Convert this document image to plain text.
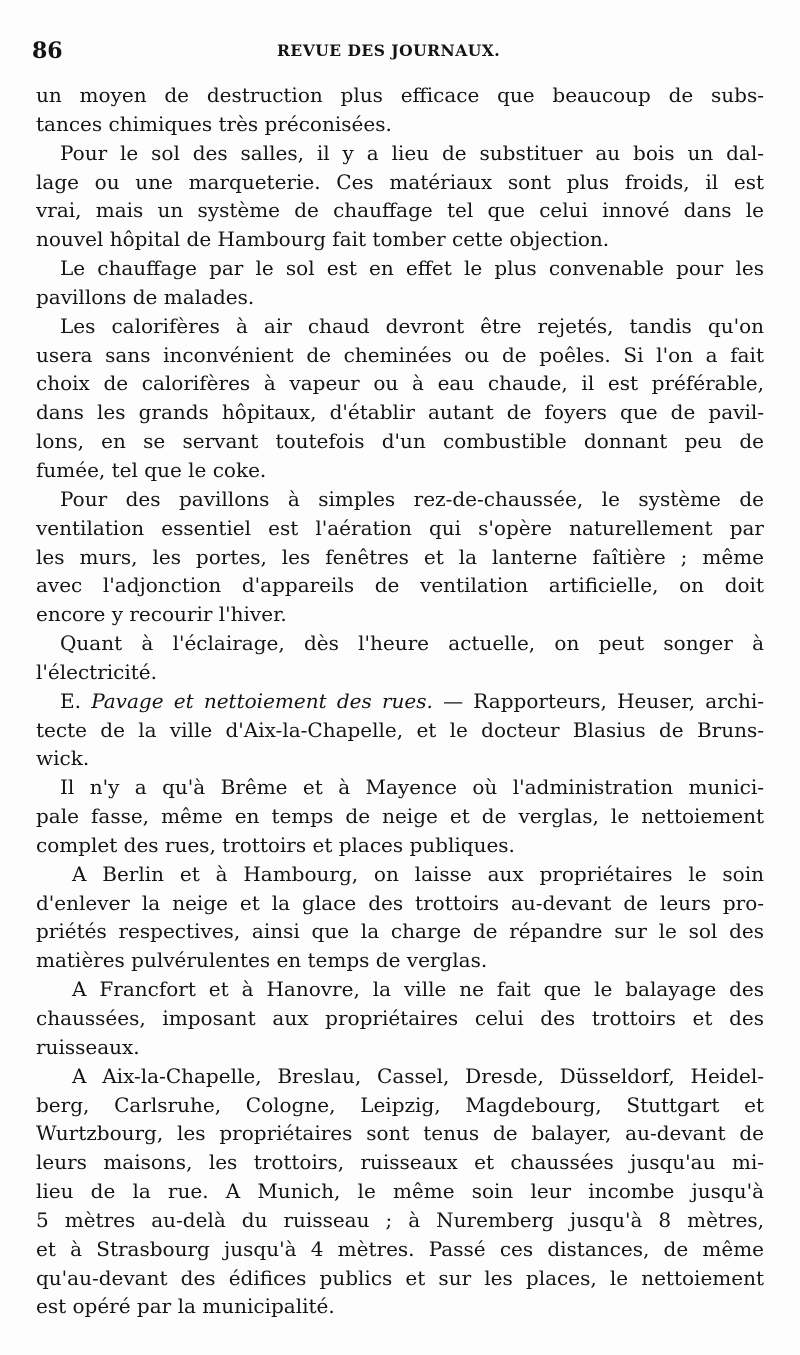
86	REVUE DES JOURNAUX.
un moyen de destruction plus efficace que beaucoup de subs-
tances chimiques très préconisées.
Pour le sol des salles, il y a lieu de substituer au bois un dal-
lage ou une marqueterie. Ces matériaux sont plus froids, il est
vrai, mais un système de chauffage tel que celui innové dans le
nouvel hôpital de Hambourg fait tomber cette objection.
Le chauffage par le sol est en effet le plus convenable pour les
pavillons de malades.
Les calorifères à air chaud devront être rejetés, tandis qu'on
usera sans inconvénient de cheminées ou de poêles. Si l'on a fait
choix de calorifères à vapeur ou à eau chaude, il est préférable,
dans les grands hôpitaux, d'établir autant de foyers que de pavil-
lons, en se servant toutefois d'un combustible donnant peu de
fumée, tel que le coke.
Pour des pavillons à simples rez-de-chaussée, le système de
ventilation essentiel est l'aération qui s'opère naturellement par
les murs, les portes, les fenêtres et la lanterne faîtière ; même
avec l'adjonction d'appareils de ventilation artificielle, on doit
encore y recourir l'hiver.
Quant à l'éclairage, dès l'heure actuelle, on peut songer à
l'électricité.
E. Pavage et nettoiement des rues. — Rapporteurs, Heuser, archi-
tecte de la ville d'Aix-la-Chapelle, et le docteur Blasius de Bruns-
wick.
Il n'y a qu'à Brême et à Mayence où l'administration munici-
pale fasse, même en temps de neige et de verglas, le nettoiement
complet des rues, trottoirs et places publiques.
A Berlin et à Hambourg, on laisse aux propriétaires le soin
d'enlever la neige et la glace des trottoirs au-devant de leurs pro-
priétés respectives, ainsi que la charge de répandre sur le sol des
matières pulvérulentes en temps de verglas.
A Francfort et à Hanovre, la ville ne fait que le balayage des
chaussées, imposant aux propriétaires celui des trottoirs et des
ruisseaux.
A Aix-la-Chapelle, Breslau, Cassel, Dresde, Düsseldorf, Heidel-
berg, Carlsruhe, Cologne, Leipzig, Magdebourg, Stuttgart et
Wurtzbourg, les propriétaires sont tenus de balayer, au-devant de
leurs maisons, les trottoirs, ruisseaux et chaussées jusqu'au mi-
lieu de la rue. A Munich, le même soin leur incombe jusqu'à
5 mètres au-delà du ruisseau ; à Nuremberg jusqu'à 8 mètres,
et à Strasbourg jusqu'à 4 mètres. Passé ces distances, de même
qu'au-devant des édifices publics et sur les places, le nettoiement
est opéré par la municipalité.
